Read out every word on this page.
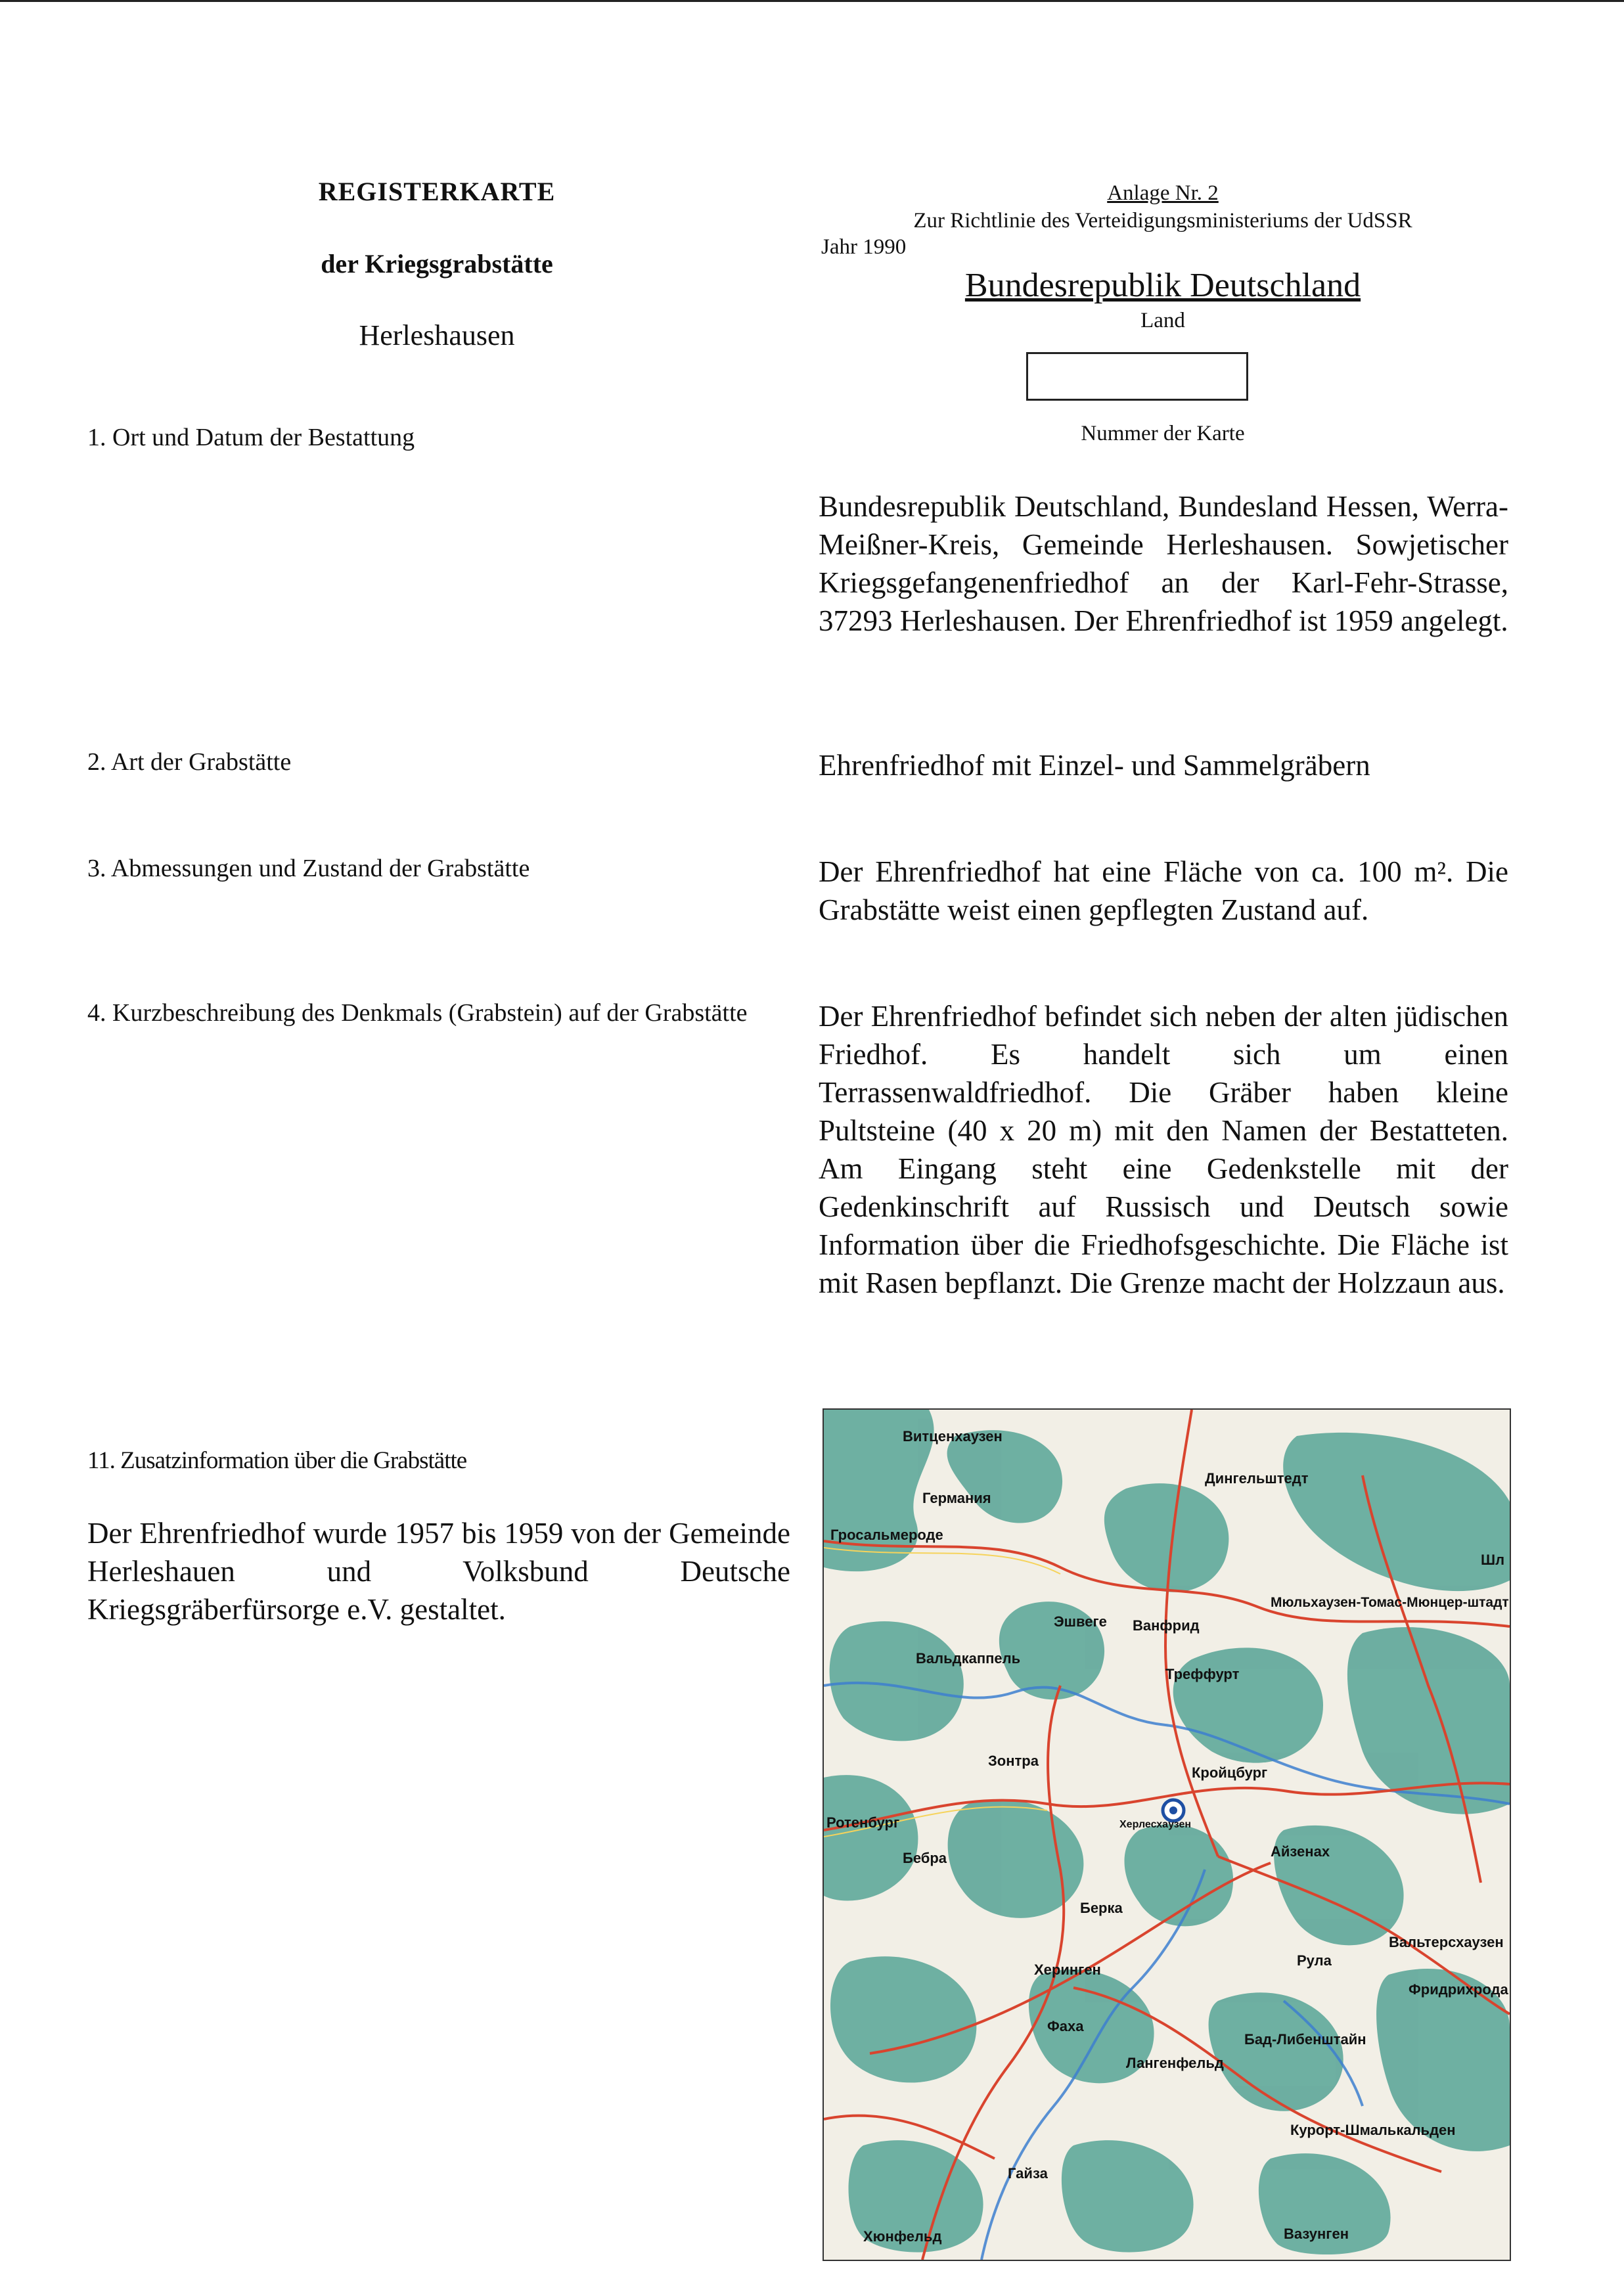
REGISTERKARTE
der Kriegsgrabstätte
Herleshausen
Anlage Nr. 2
Zur Richtlinie des Verteidigungsministeriums der UdSSR
Jahr 1990
Bundesrepublik Deutschland
Land
Nummer der Karte
1. Ort und Datum der Bestattung
2. Art der Grabstätte
3. Abmessungen und Zustand der Grabstätte
4. Kurzbeschreibung des Denkmals (Grabstein) auf der Grabstätte
11. Zusatzinformation über die Grabstätte
Bundesrepublik Deutschland, Bundesland Hessen, Werra-Meißner-Kreis, Gemeinde Herleshausen. Sowjetischer Kriegsgefangenenfriedhof an der Karl-Fehr-Strasse, 37293 Herleshausen. Der Ehrenfriedhof ist 1959 angelegt.
Ehrenfriedhof mit Einzel- und Sammelgräbern
Der Ehrenfriedhof hat eine Fläche von ca. 100 m². Die Grabstätte weist einen gepflegten Zustand auf.
Der Ehrenfriedhof befindet sich neben der alten jüdischen Friedhof. Es handelt sich um einen Terrassenwaldfriedhof. Die Gräber haben kleine Pultsteine (40 x 20 m) mit den Namen der Bestatteten. Am Eingang steht eine Gedenkstelle mit der Gedenkinschrift auf Russisch und Deutsch sowie Information über die Friedhofsgeschichte. Die Fläche ist mit Rasen bepflanzt. Die Grenze macht der Holzzaun aus.
Der Ehrenfriedhof wurde 1957 bis 1959 von der Gemeinde Herleshauen und Volksbund Deutsche Kriegsgräberfürsorge e.V. gestaltet.
Витценхаузен
Германия
Гросальмероде
Дингельштедт
Мюльхаузен-Томас-Мюнцер-штадт
Эшвеге Ванфрид
Вальдкаппель
Треффурт
Зонтра
Кройцбург
Херлесхаузен
Ротенбург
Бебра	Айзенах
Берка
Херинген
Рула
Вальтерсхаузен
Фридрихрода
Фаха
Бад-Либенштайн
Лангенфельд
Курорт-Шмалькальден
Гайза
Хюнфельд	Вазунген
Шл
